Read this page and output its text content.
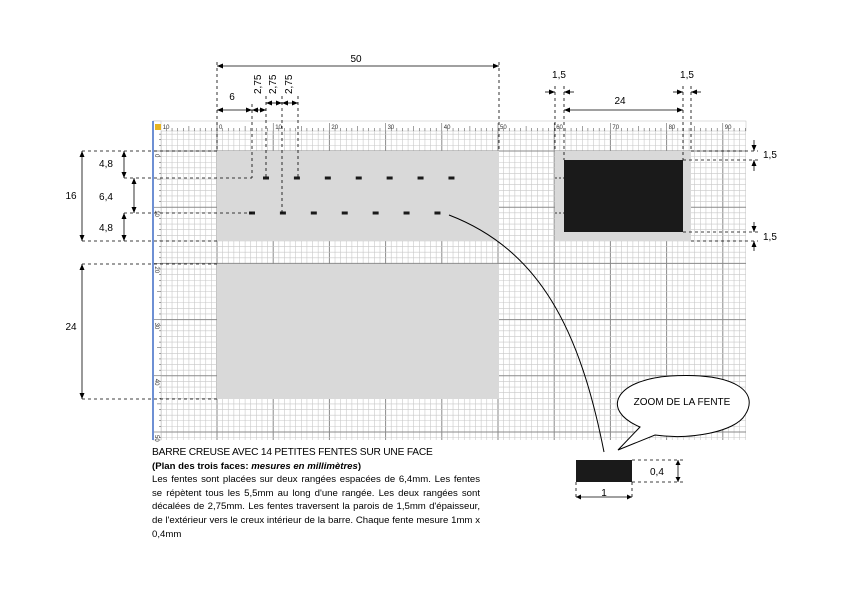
10	0	10	20	30	40	50	60	70	80	90
0
10
20
30
40
50
50
6
2,75 2,75 2,75	1,5	1,5
24
16
4,8
6,4
4,8
24
1,5
1,5
ZOOM DE LA FENTE
0,4
1
BARRE CREUSE AVEC 14 PETITES FENTES SUR UNE FACE
(Plan des trois faces: mesures en millimètres)
Les fentes sont placées sur deux rangées espacées de 6,4mm. Les fentes se répètent tous les 5,5mm au long d'une rangée. Les deux rangées sont décalées de 2,75mm. Les fentes traversent la parois de 1,5mm d'épaisseur, de l'extérieur vers le creux intérieur de la barre. Chaque fente mesure 1mm x 0,4mm
